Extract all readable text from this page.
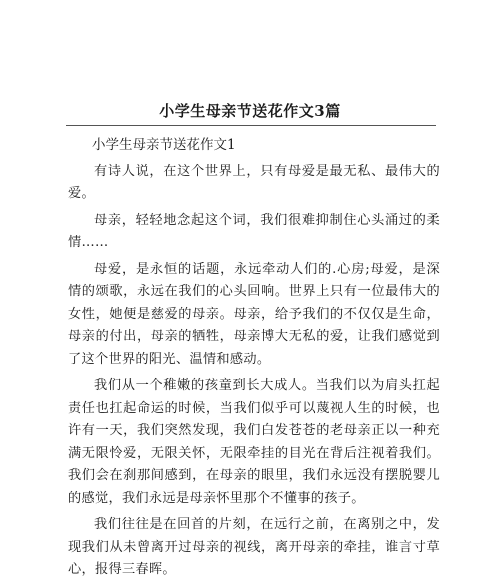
小学生母亲节送花作文3篇

小学生母亲节送花作文1

有诗人说，在这个世界上，只有母爱是最无私、最伟大的爱。

母亲，轻轻地念起这个词，我们很难抑制住心头涌过的柔情……

母爱，是永恒的话题，永远牵动人们的.心房;母爱，是深情的颂歌，永远在我们的心头回响。世界上只有一位最伟大的女性，她便是慈爱的母亲。母亲，给予我们的不仅仅是生命，母亲的付出，母亲的牺牲，母亲博大无私的爱，让我们感觉到了这个世界的阳光、温情和感动。

我们从一个稚嫩的孩童到长大成人。当我们以为肩头扛起责任也扛起命运的时候，当我们似乎可以蔑视人生的时候，也许有一天，我们突然发现，我们白发苍苍的老母亲正以一种充满无限怜爱，无限关怀，无限牵挂的目光在背后注视着我们。我们会在刹那间感到，在母亲的眼里，我们永远没有摆脱婴儿的感觉，我们永远是母亲怀里那个不懂事的孩子。

我们往往是在回首的片刻，在远行之前，在离别之中，发现我们从未曾离开过母亲的视线，离开母亲的牵挂，谁言寸草心，报得三春晖。
